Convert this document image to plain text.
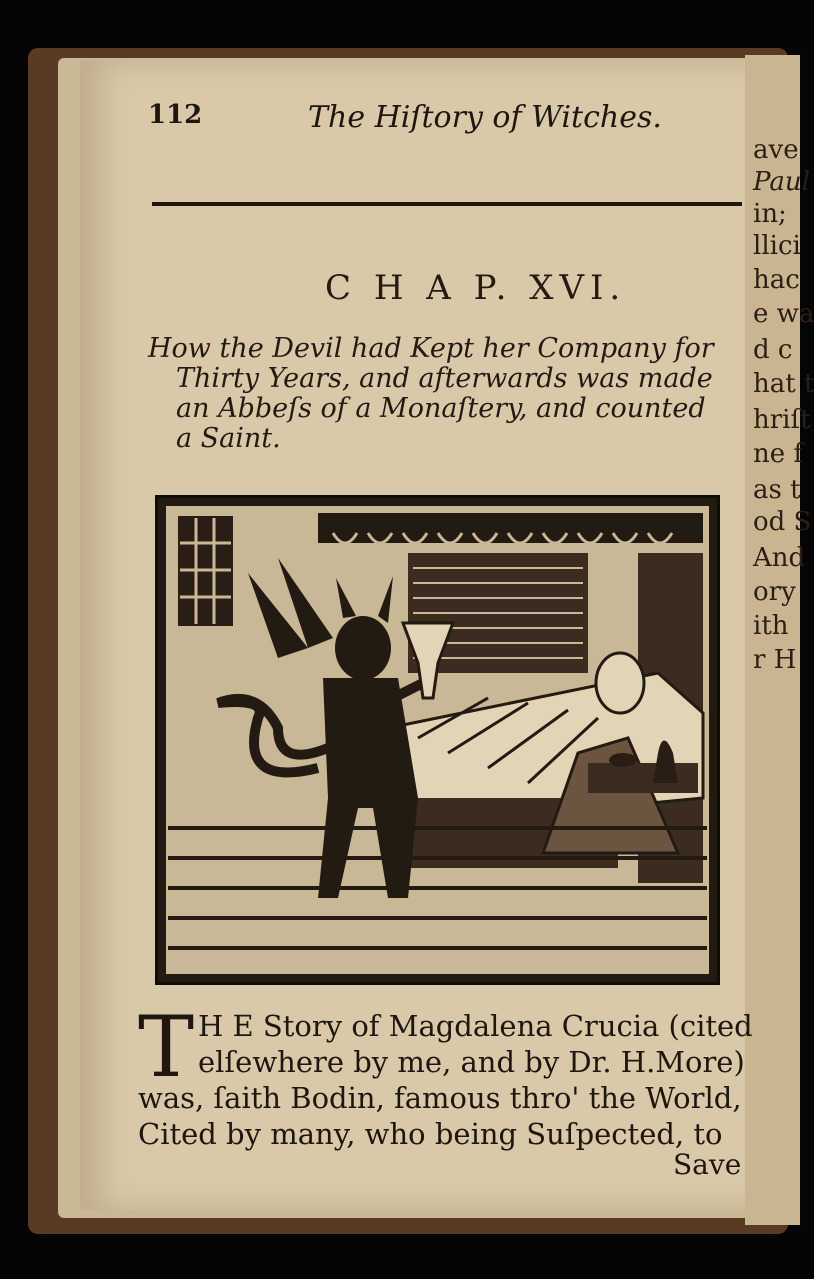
ave
Paul
in;
llici
hac
e wa
d c
hat t
hriſt
ne f
as t
od S
And
ory
ith
r H
112	The Hiſtory of Witches.
C H A P. XVI.
How the Devil had Kept her Company for
Thirty Years, and afterwards was made
an Abbeſs of a Monaſtery, and counted
a Saint.
T H E Story of Magdalena Crucia (cited
elſewhere by me, and by Dr. H.More)
was, ſaith Bodin, famous thro' the World,
Cited by many, who being Suſpected, to
Save
